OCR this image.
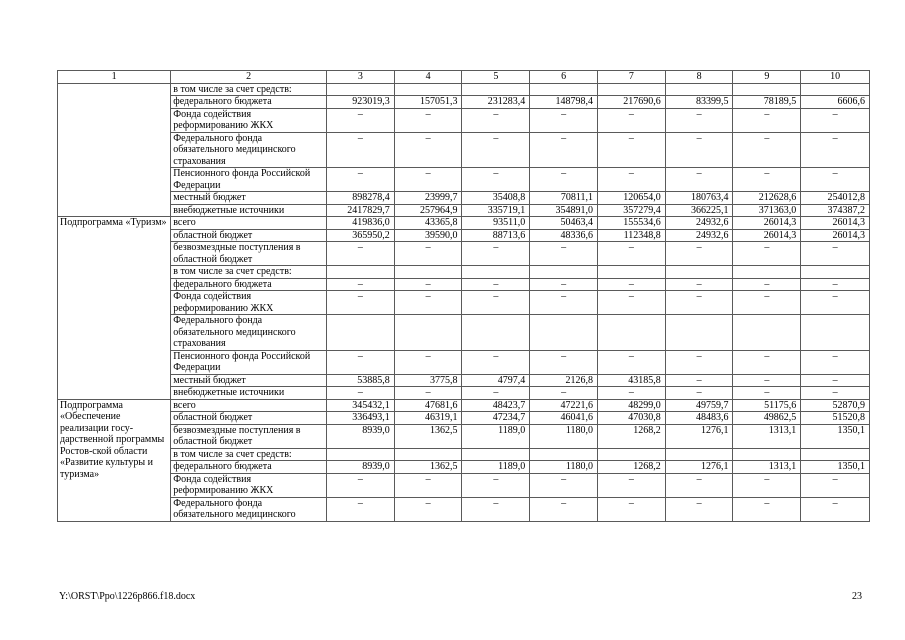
1	2	3	4	5	6	7	8	9	10
	в том числе за счет средств:								
	федерального бюджета	923019,3	157051,3	231283,4	148798,4	217690,6	83399,5	78189,5	6606,6
	Фонда содействия реформированию ЖКХ	–	–	–	–	–	–	–	–
	Федерального фонда обязательного медицинского страхования	–	–	–	–	–	–	–	–
	Пенсионного фонда Российской Федерации	–	–	–	–	–	–	–	–
	местный бюджет	898278,4	23999,7	35408,8	70811,1	120654,0	180763,4	212628,6	254012,8
	внебюджетные источники	2417829,7	257964,9	335719,1	354891,0	357279,4	366225,1	371363,0	374387,2
Подпрограмма «Туризм»	всего	419836,0	43365,8	93511,0	50463,4	155534,6	24932,6	26014,3	26014,3
	областной бюджет	365950,2	39590,0	88713,6	48336,6	112348,8	24932,6	26014,3	26014,3
	безвозмездные поступления в областной бюджет	–	–	–	–	–	–	–	–
	в том числе за счет средств:								
	федерального бюджета	–	–	–	–	–	–	–	–
	Фонда содействия реформированию ЖКХ	–	–	–	–	–	–	–	–
	Федерального фонда обязательного медицинского страхования								
	Пенсионного фонда Российской Федерации	–	–	–	–	–	–	–	–
	местный бюджет	53885,8	3775,8	4797,4	2126,8	43185,8	–	–	–
	внебюджетные источники	–	–	–	–	–	–	–	–
Подпрограмма «Обеспечение реализации госу-дарственной программы Ростов-ской области «Развитие культуры и туризма»	всего	345432,1	47681,6	48423,7	47221,6	48299,0	49759,7	51175,6	52870,9
	областной бюджет	336493,1	46319,1	47234,7	46041,6	47030,8	48483,6	49862,5	51520,8
	безвозмездные поступления в областной бюджет	8939,0	1362,5	1189,0	1180,0	1268,2	1276,1	1313,1	1350,1
	в том числе за счет средств:								
	федерального бюджета	8939,0	1362,5	1189,0	1180,0	1268,2	1276,1	1313,1	1350,1
	Фонда содействия реформированию ЖКХ	–	–	–	–	–	–	–	–
	Федерального фонда обязательного медицинского	–	–	–	–	–	–	–	–
Y:\ORST\Ppo\1226p866.f18.docx	23
